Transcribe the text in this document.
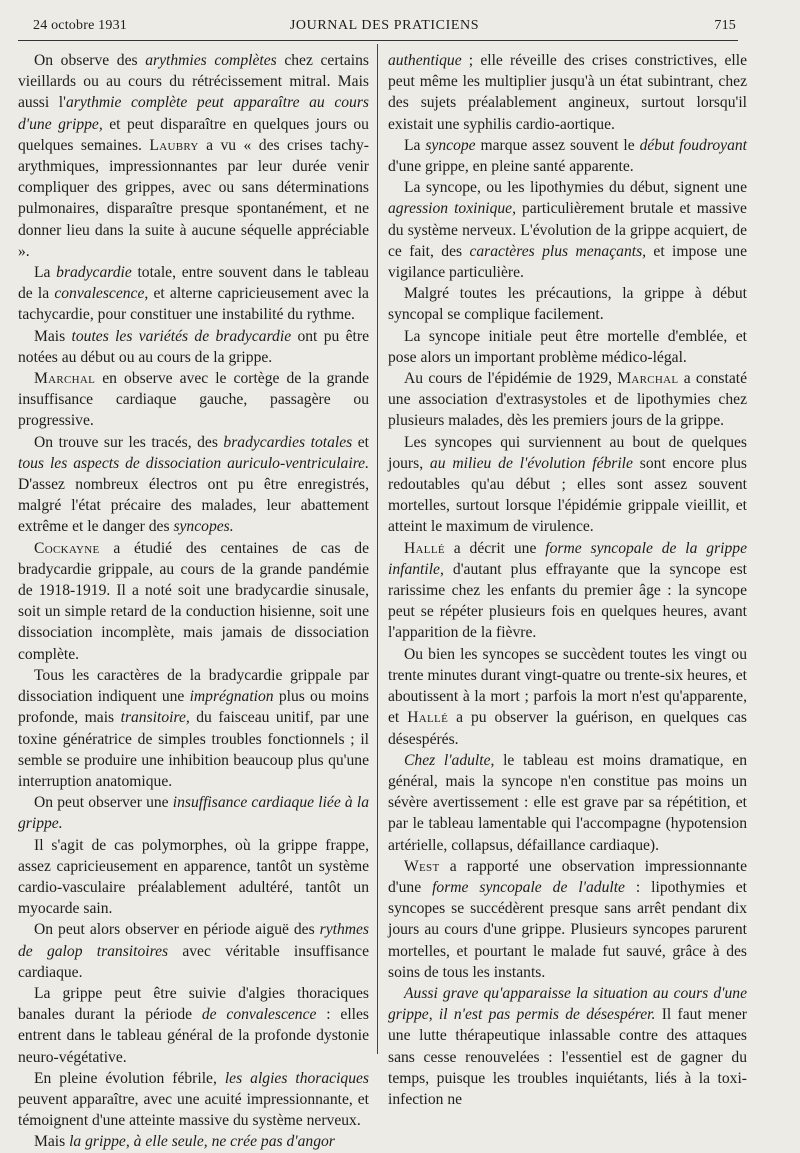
24 octobre 1931	JOURNAL DES PRATICIENS	715

On observe des arythmies complètes chez certains vieillards ou au cours du rétrécissement mitral. Mais aussi l'arythmie complète peut apparaître au cours d'une grippe, et peut disparaître en quelques jours ou quelques semaines. Laubry a vu « des crises tachy-arythmiques, impressionnantes par leur durée venir compliquer des grippes, avec ou sans déterminations pulmonaires, disparaître presque spontanément, et ne donner lieu dans la suite à aucune séquelle appréciable ».

La bradycardie totale, entre souvent dans le tableau de la convalescence, et alterne capricieusement avec la tachycardie, pour constituer une instabilité du rythme.

Mais toutes les variétés de bradycardie ont pu être notées au début ou au cours de la grippe.

Marchal en observe avec le cortège de la grande insuffisance cardiaque gauche, passagère ou progressive.

On trouve sur les tracés, des bradycardies totales et tous les aspects de dissociation auriculo-ventriculaire. D'assez nombreux électros ont pu être enregistrés, malgré l'état précaire des malades, leur abattement extrême et le danger des syncopes.

Cockayne a étudié des centaines de cas de bradycardie grippale, au cours de la grande pandémie de 1918-1919. Il a noté soit une bradycardie sinusale, soit un simple retard de la conduction hisienne, soit une dissociation incomplète, mais jamais de dissociation complète.

Tous les caractères de la bradycardie grippale par dissociation indiquent une imprégnation plus ou moins profonde, mais transitoire, du faisceau unitif, par une toxine génératrice de simples troubles fonctionnels ; il semble se produire une inhibition beaucoup plus qu'une interruption anatomique.

On peut observer une insuffisance cardiaque liée à la grippe.

Il s'agit de cas polymorphes, où la grippe frappe, assez capricieusement en apparence, tantôt un système cardio-vasculaire préalablement adultéré, tantôt un myocarde sain.

On peut alors observer en période aiguë des rythmes de galop transitoires avec véritable insuffisance cardiaque.

La grippe peut être suivie d'algies thoraciques banales durant la période de convalescence : elles entrent dans le tableau général de la profonde dystonie neuro-végétative.

En pleine évolution fébrile, les algies thoraciques peuvent apparaître, avec une acuité impressionnante, et témoignent d'une atteinte massive du système nerveux.

Mais la grippe, à elle seule, ne crée pas d'angor

authentique ; elle réveille des crises constrictives, elle peut même les multiplier jusqu'à un état subintrant, chez des sujets préalablement angineux, surtout lorsqu'il existait une syphilis cardio-aortique.

La syncope marque assez souvent le début foudroyant d'une grippe, en pleine santé apparente.

La syncope, ou les lipothymies du début, signent une agression toxinique, particulièrement brutale et massive du système nerveux. L'évolution de la grippe acquiert, de ce fait, des caractères plus menaçants, et impose une vigilance particulière.

Malgré toutes les précautions, la grippe à début syncopal se complique facilement.

La syncope initiale peut être mortelle d'emblée, et pose alors un important problème médico-légal.

Au cours de l'épidémie de 1929, Marchal a constaté une association d'extrasystoles et de lipothymies chez plusieurs malades, dès les premiers jours de la grippe.

Les syncopes qui surviennent au bout de quelques jours, au milieu de l'évolution fébrile sont encore plus redoutables qu'au début ; elles sont assez souvent mortelles, surtout lorsque l'épidémie grippale vieillit, et atteint le maximum de virulence.

Hallé a décrit une forme syncopale de la grippe infantile, d'autant plus effrayante que la syncope est rarissime chez les enfants du premier âge : la syncope peut se répéter plusieurs fois en quelques heures, avant l'apparition de la fièvre.

Ou bien les syncopes se succèdent toutes les vingt ou trente minutes durant vingt-quatre ou trente-six heures, et aboutissent à la mort ; parfois la mort n'est qu'apparente, et Hallé a pu observer la guérison, en quelques cas désespérés.

Chez l'adulte, le tableau est moins dramatique, en général, mais la syncope n'en constitue pas moins un sévère avertissement : elle est grave par sa répétition, et par le tableau lamentable qui l'accompagne (hypotension artérielle, collapsus, défaillance cardiaque).

West a rapporté une observation impressionnante d'une forme syncopale de l'adulte : lipothymies et syncopes se succédèrent presque sans arrêt pendant dix jours au cours d'une grippe. Plusieurs syncopes parurent mortelles, et pourtant le malade fut sauvé, grâce à des soins de tous les instants.

Aussi grave qu'apparaisse la situation au cours d'une grippe, il n'est pas permis de désespérer. Il faut mener une lutte thérapeutique inlassable contre des attaques sans cesse renouvelées : l'essentiel est de gagner du temps, puisque les troubles inquiétants, liés à la toxi-infection ne
